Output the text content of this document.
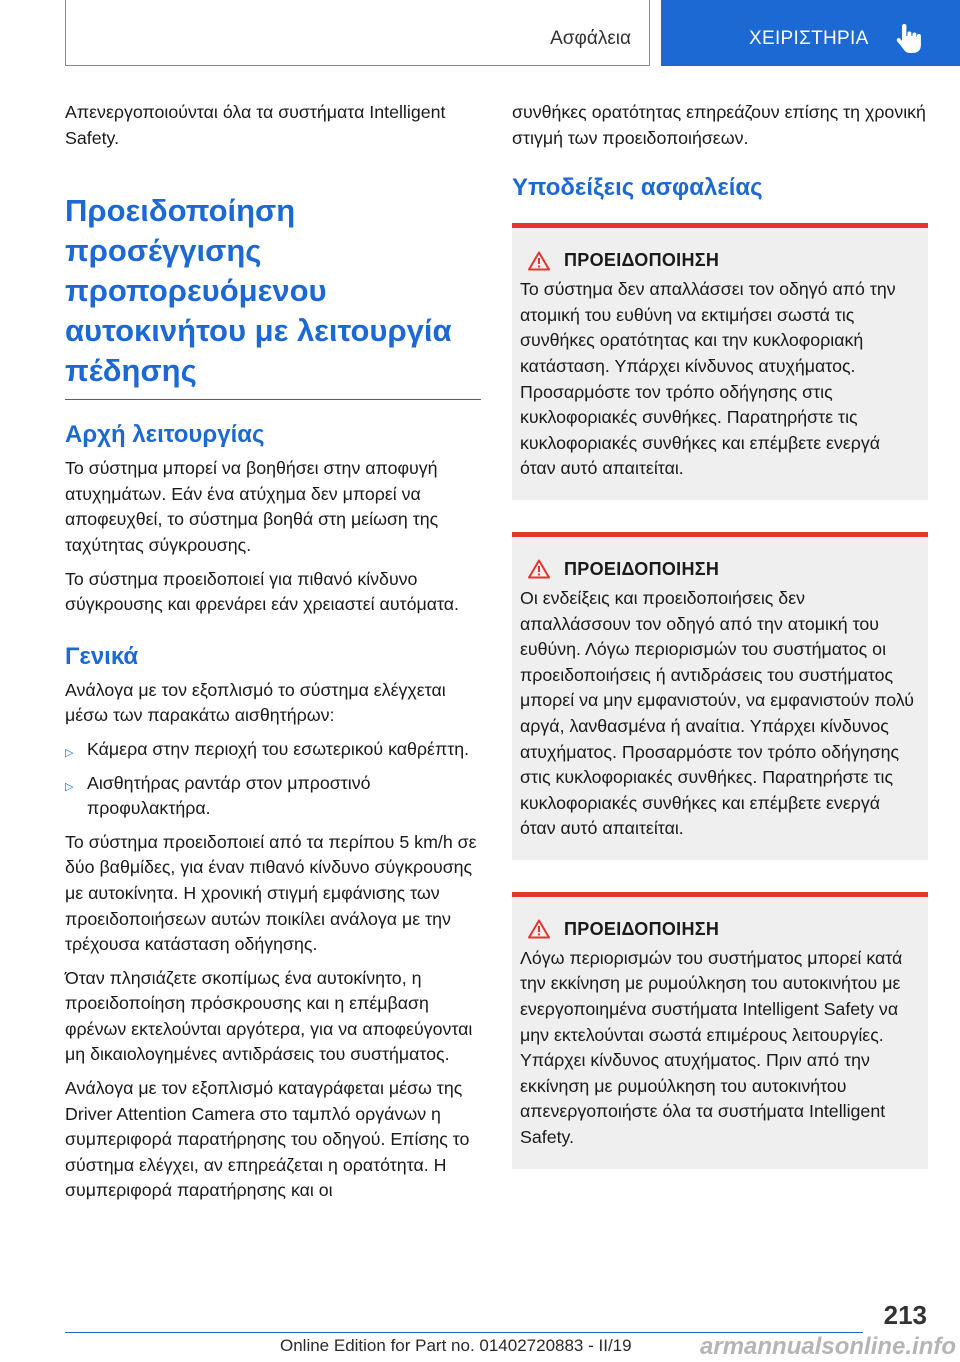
Ασφάλεια	ΧΕΙΡΙΣΤΗΡΙΑ

Απενεργοποιούνται όλα τα συστήματα Intelligent Safety.

Προειδοποίηση προσέγγισης προπορευόμενου αυτοκινήτου με λειτουργία πέδησης
Αρχή λειτουργίας

Το σύστημα μπορεί να βοηθήσει στην αποφυγή ατυχημάτων. Εάν ένα ατύχημα δεν μπορεί να αποφευχθεί, το σύστημα βοηθά στη μείωση της ταχύτητας σύγκρουσης.

Το σύστημα προειδοποιεί για πιθανό κίνδυνο σύγκρουσης και φρενάρει εάν χρειαστεί αυτόματα.

Γενικά

Ανάλογα με τον εξοπλισμό το σύστημα ελέγχεται μέσω των παρακάτω αισθητήρων:

▷ Κάμερα στην περιοχή του εσωτερικού καθρέπτη.
▷ Αισθητήρας ραντάρ στον μπροστινό προφυλακτήρα.

Το σύστημα προειδοποιεί από τα περίπου 5 km/h σε δύο βαθμίδες, για έναν πιθανό κίνδυνο σύγκρουσης με αυτοκίνητα. Η χρονική στιγμή εμφάνισης των προειδοποιήσεων αυτών ποικίλει ανάλογα με την τρέχουσα κατάσταση οδήγησης.

Όταν πλησιάζετε σκοπίμως ένα αυτοκίνητο, η προειδοποίηση πρόσκρουσης και η επέμβαση φρένων εκτελούνται αργότερα, για να αποφεύγονται μη δικαιολογημένες αντιδράσεις του συστήματος.

Ανάλογα με τον εξοπλισμό καταγράφεται μέσω της Driver Attention Camera στο ταμπλό οργάνων η συμπεριφορά παρατήρησης του οδηγού. Επίσης το σύστημα ελέγχει, αν επηρεάζεται η ορατότητα. Η συμπεριφορά παρατήρησης και οι

συνθήκες ορατότητας επηρεάζουν επίσης τη χρονική στιγμή των προειδοποιήσεων.

Υποδείξεις ασφαλείας
ΠΡΟΕΙΔΟΠΟΙΗΣΗ

Το σύστημα δεν απαλλάσσει τον οδηγό από την ατομική του ευθύνη να εκτιμήσει σωστά τις συνθήκες ορατότητας και την κυκλοφοριακή κατάσταση. Υπάρχει κίνδυνος ατυχήματος. Προσαρμόστε τον τρόπο οδήγησης στις κυκλοφοριακές συνθήκες. Παρατηρήστε τις κυκλοφοριακές συνθήκες και επέμβετε ενεργά όταν αυτό απαιτείται.

ΠΡΟΕΙΔΟΠΟΙΗΣΗ

Οι ενδείξεις και προειδοποιήσεις δεν απαλλάσσουν τον οδηγό από την ατομική του ευθύνη. Λόγω περιορισμών του συστήματος οι προειδοποιήσεις ή αντιδράσεις του συστήματος μπορεί να μην εμφανιστούν, να εμφανιστούν πολύ αργά, λανθασμένα ή αναίτια. Υπάρχει κίνδυνος ατυχήματος. Προσαρμόστε τον τρόπο οδήγησης στις κυκλοφοριακές συνθήκες. Παρατηρήστε τις κυκλοφοριακές συνθήκες και επέμβετε ενεργά όταν αυτό απαιτείται.

ΠΡΟΕΙΔΟΠΟΙΗΣΗ

Λόγω περιορισμών του συστήματος μπορεί κατά την εκκίνηση με ρυμούλκηση του αυτοκινήτου με ενεργοποιημένα συστήματα Intelligent Safety να μην εκτελούνται σωστά επιμέρους λειτουργίες. Υπάρχει κίνδυνος ατυχήματος. Πριν από την εκκίνηση με ρυμούλκηση του αυτοκινήτου απενεργοποιήστε όλα τα συστήματα Intelligent Safety.

213
Online Edition for Part no. 01402720883 - II/19	armannualsonline.info
